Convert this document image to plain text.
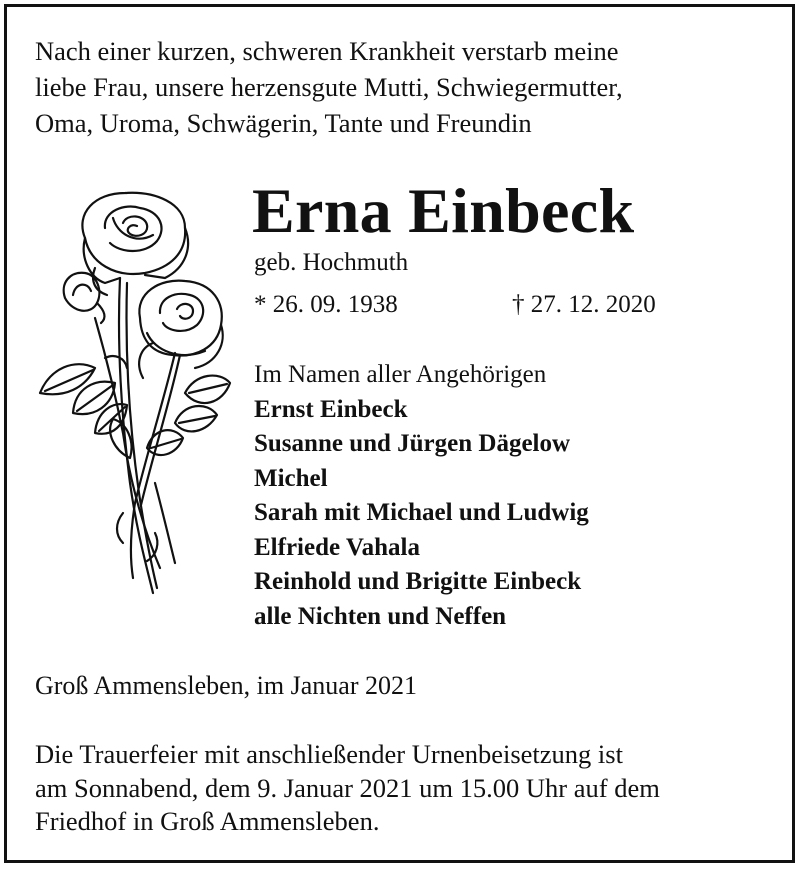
Nach einer kurzen, schweren Krankheit verstarb meine
liebe Frau, unsere herzensgute Mutti, Schwiegermutter,
Oma, Uroma, Schwägerin, Tante und Freundin
Erna Einbeck
geb. Hochmuth
* 26. 09. 1938	† 27. 12. 2020
Im Namen aller Angehörigen
Ernst Einbeck
Susanne und Jürgen Dägelow
Michel
Sarah mit Michael und Ludwig
Elfriede Vahala
Reinhold und Brigitte Einbeck
alle Nichten und Neffen
Groß Ammensleben, im Januar 2021
Die Trauerfeier mit anschließender Urnenbeisetzung ist
am Sonnabend, dem 9. Januar 2021 um 15.00 Uhr auf dem
Friedhof in Groß Ammensleben.
